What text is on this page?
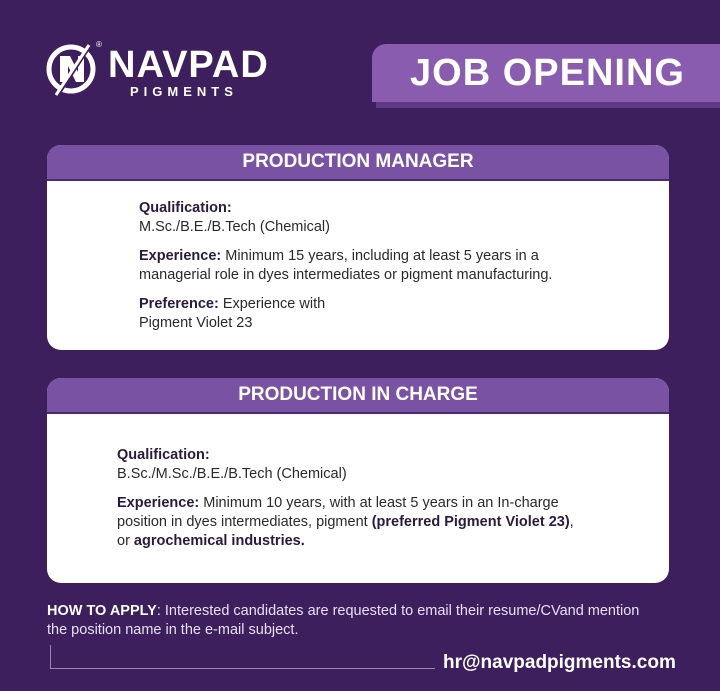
® NAVPAD
PIGMENTS	JOB OPENING
PRODUCTION MANAGER

Qualification:
M.Sc./B.E./B.Tech (Chemical)

Experience: Minimum 15 years, including at least 5 years in a
managerial role in dyes intermediates or pigment manufacturing.

Preference: Experience with
Pigment Violet 23

PRODUCTION IN CHARGE

Qualification:
B.Sc./M.Sc./B.E./B.Tech (Chemical)

Experience: Minimum 10 years, with at least 5 years in an In-charge
position in dyes intermediates, pigment (preferred Pigment Violet 23),
or agrochemical industries.

HOW TO APPLY: Interested candidates are requested to email their resume/CVand mention
the position name in the e-mail subject.
hr@navpadpigments.com
